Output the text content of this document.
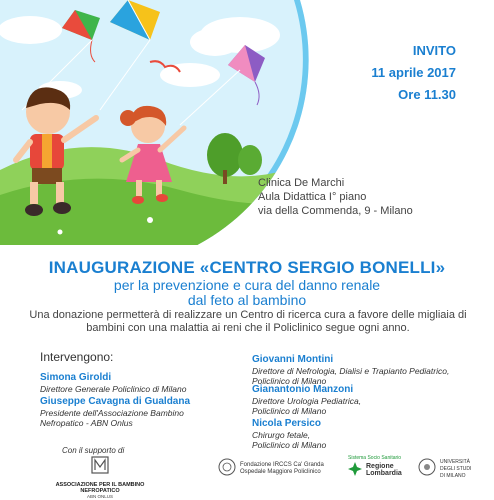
INVITO
11 aprile 2017
Ore 11.30
Clinica De Marchi
Aula Didattica I° piano
via della Commenda, 9 - Milano
INAUGURAZIONE «CENTRO SERGIO BONELLI»
per la prevenzione e cura del danno renale
dal feto al bambino
Una donazione permetterà di realizzare un Centro di ricerca cura a favore delle migliaia di bambini con una malattia ai reni che il Policlinico segue ogni anno.
Intervengono:
Simona Giroldi
Direttore Generale Policlinico di Milano
Giuseppe Cavagna di Gualdana
Presidente dell'Associazione Bambino
Nefropatico - ABN Onlus
Giovanni Montini
Direttore di Nefrologia, Dialisi e Trapianto Pediatrico,
Policlinico di Milano
Gianantonio Manzoni
Direttore Urologia Pediatrica,
Policlinico di Milano
Nicola Persico
Chirurgo fetale,
Policlinico di Milano
Con il supporto di
ASSOCIAZIONE PER IL BAMBINO NEFROPATICO
ABN ONLUS
Fondazione IRCCS Ca' Granda
Ospedale Maggiore Policlinico
Sistema Socio Sanitario
Regione
Lombardia
UNIVERSITÀ
DEGLI STUDI
DI MILANO
